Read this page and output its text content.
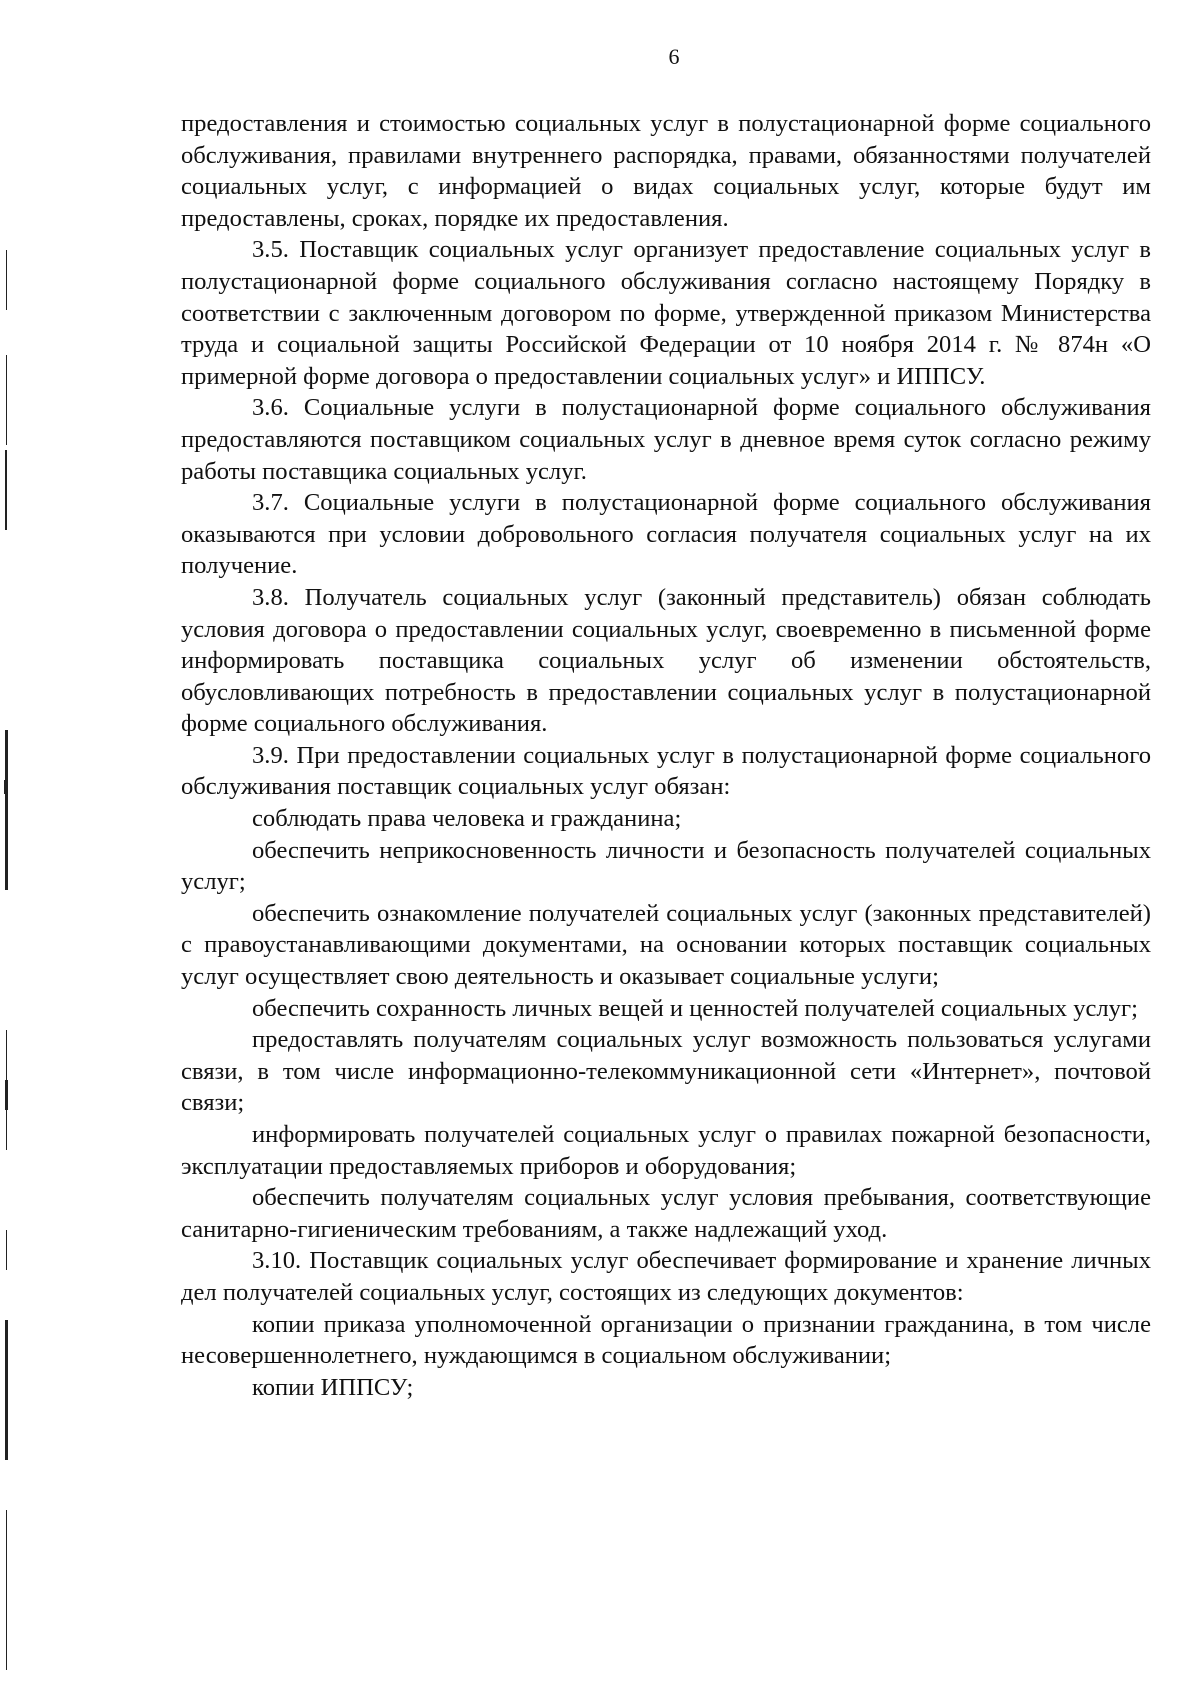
6

предоставления и стоимостью социальных услуг в полустационарной форме социального обслуживания, правилами внутреннего распорядка, правами, обязанностями получателей социальных услуг, с информацией о видах социальных услуг, которые будут им предоставлены, сроках, порядке их предоставления.

3.5. Поставщик социальных услуг организует предоставление социальных услуг в полустационарной форме социального обслуживания согласно настоящему Порядку в соответствии с заключенным договором по форме, утвержденной приказом Министерства труда и социальной защиты Российской Федерации от 10 ноября 2014 г. № 874н «О примерной форме договора о предоставлении социальных услуг» и ИППСУ.

3.6. Социальные услуги в полустационарной форме социального обслуживания предоставляются поставщиком социальных услуг в дневное время суток согласно режиму работы поставщика социальных услуг.

3.7. Социальные услуги в полустационарной форме социального обслуживания оказываются при условии добровольного согласия получателя социальных услуг на их получение.

3.8. Получатель социальных услуг (законный представитель) обязан соблюдать условия договора о предоставлении социальных услуг, своевременно в письменной форме информировать поставщика социальных услуг об изменении обстоятельств, обусловливающих потребность в предоставлении социальных услуг в полустационарной форме социального обслуживания.

3.9. При предоставлении социальных услуг в полустационарной форме социального обслуживания поставщик социальных услуг обязан:

соблюдать права человека и гражданина;

обеспечить неприкосновенность личности и безопасность получателей социальных услуг;

обеспечить ознакомление получателей социальных услуг (законных представителей) с правоустанавливающими документами, на основании которых поставщик социальных услуг осуществляет свою деятельность и оказывает социальные услуги;

обеспечить сохранность личных вещей и ценностей получателей социальных услуг;

предоставлять получателям социальных услуг возможность пользоваться услугами связи, в том числе информационно-телекоммуникационной сети «Интернет», почтовой связи;

информировать получателей социальных услуг о правилах пожарной безопасности, эксплуатации предоставляемых приборов и оборудования;

обеспечить получателям социальных услуг условия пребывания, соответствующие санитарно-гигиеническим требованиям, а также надлежащий уход.

3.10. Поставщик социальных услуг обеспечивает формирование и хранение личных дел получателей социальных услуг, состоящих из следующих документов:

копии приказа уполномоченной организации о признании гражданина, в том числе несовершеннолетнего, нуждающимся в социальном обслуживании;

копии ИППСУ;
